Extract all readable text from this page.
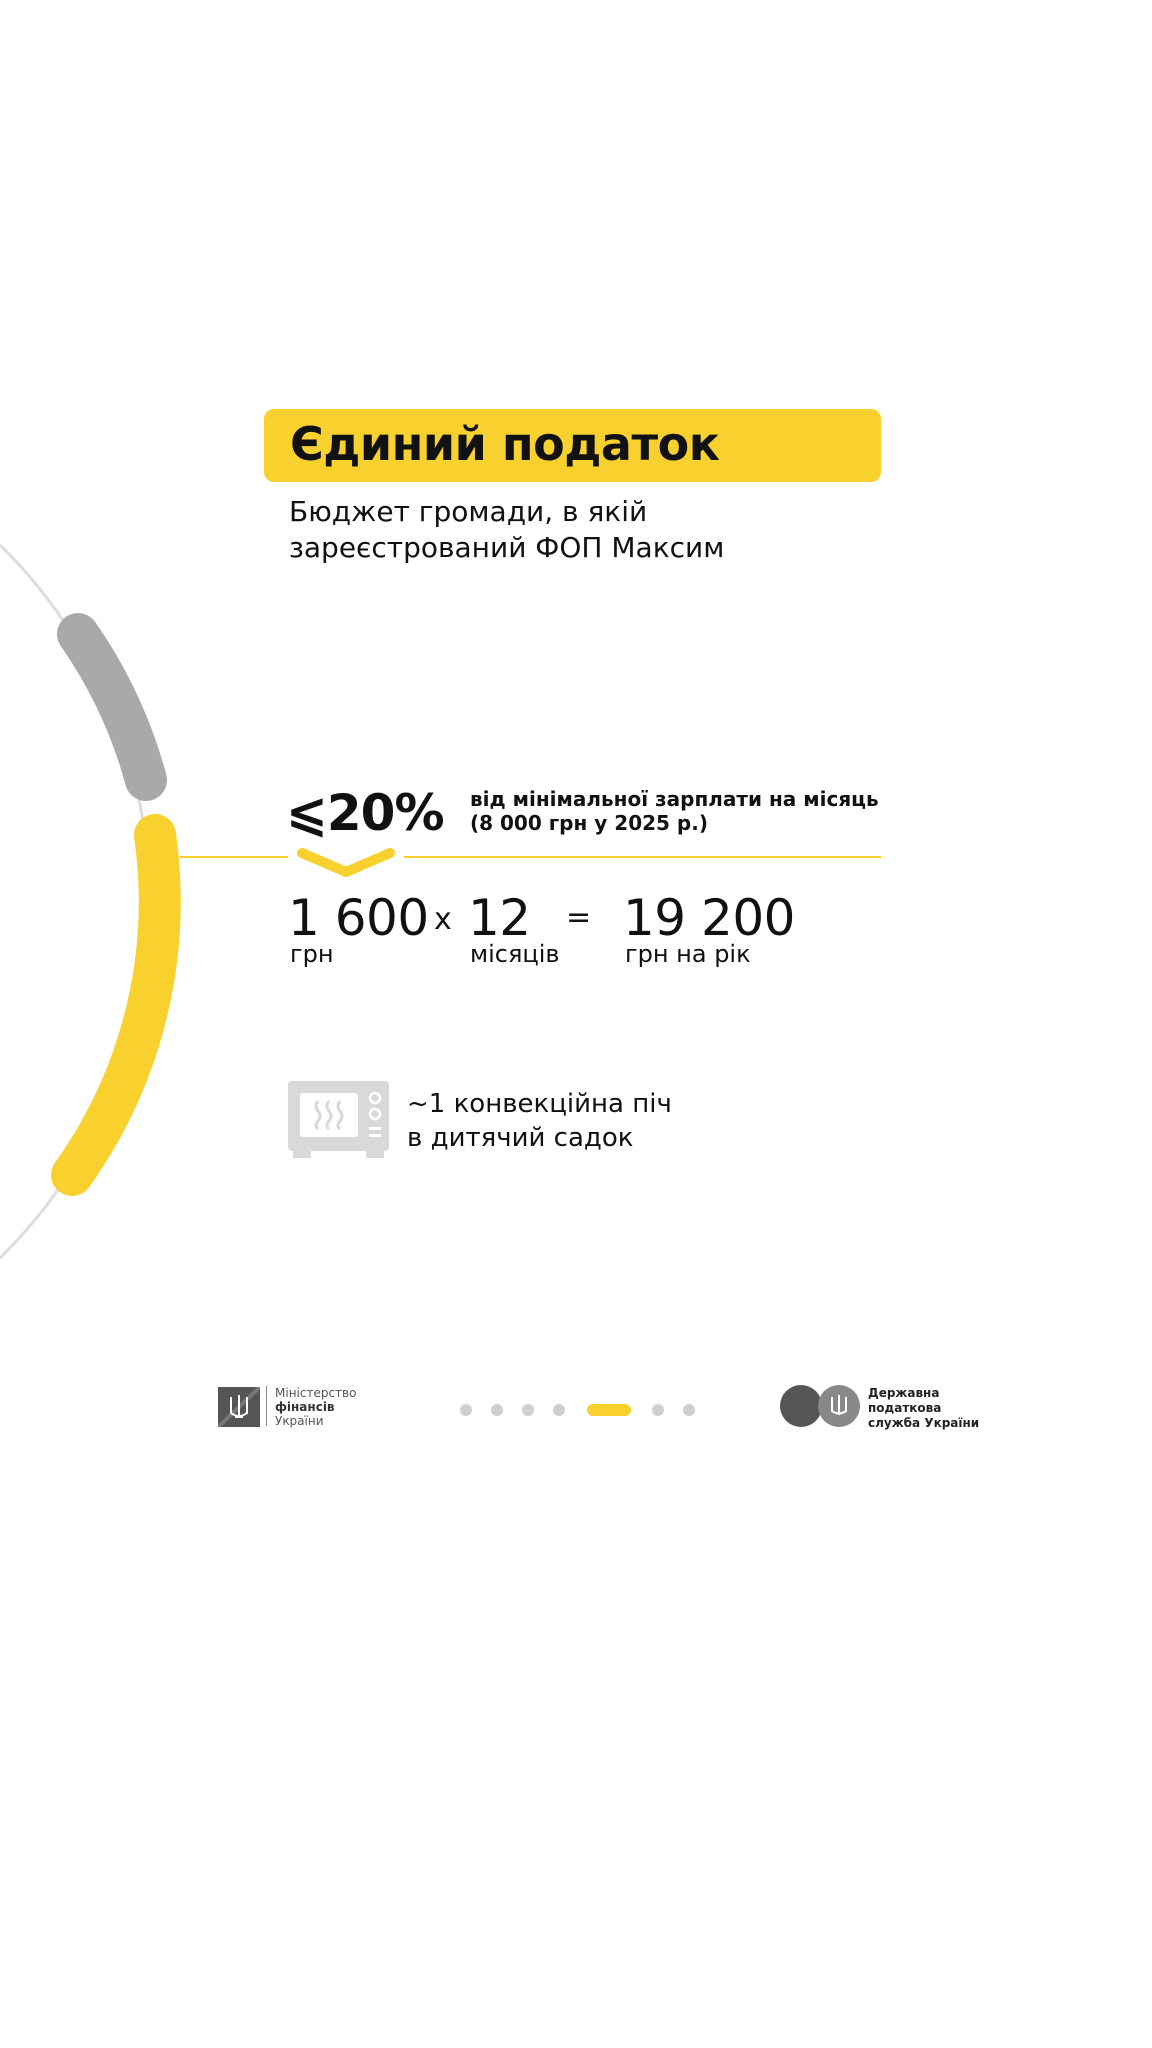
Єдиний податок
Бюджет громади, в якій
зареєстрований ФОП Максим
⩽20% від мінімальної зарплати на місяць
(8 000 грн у 2025 р.)
1 600
грн
x 12
місяців
= 19 200
грн на рік
~1 конвекційна піч
в дитячий садок
Міністерство
фінансів
України
Державна
податкова
служба України
